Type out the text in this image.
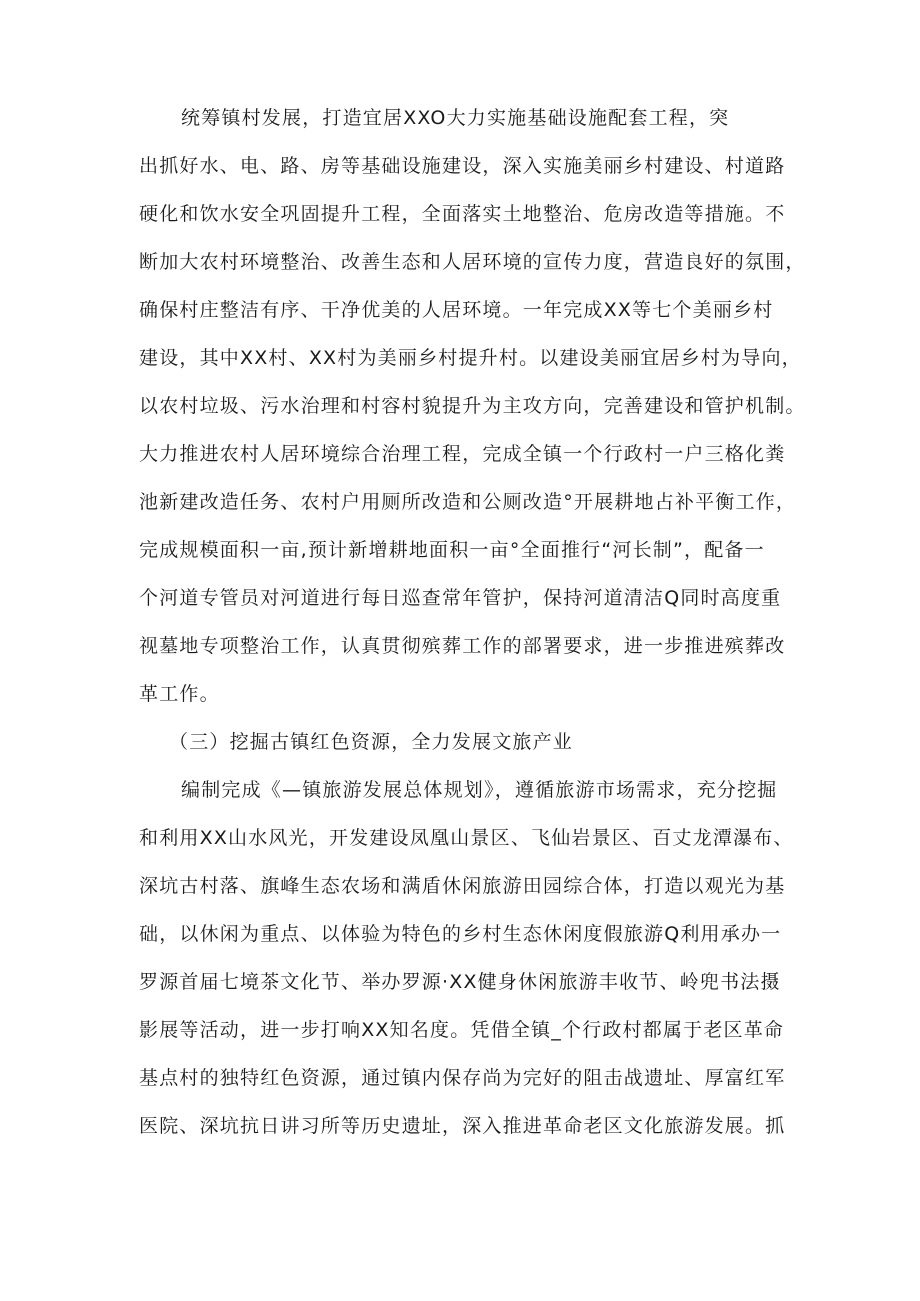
统筹镇村发展，打造宜居XXO大力实施基础设施配套工程，突
出抓好水、电、路、房等基础设施建设，深入实施美丽乡村建设、村道路
硬化和饮水安全巩固提升工程，全面落实土地整治、危房改造等措施。不
断加大农村环境整治、改善生态和人居环境的宣传力度，营造良好的氛围，
确保村庄整洁有序、干净优美的人居环境。一年完成XX等七个美丽乡村
建设，其中XX村、XX村为美丽乡村提升村。以建设美丽宜居乡村为导向，
以农村垃圾、污水治理和村容村貌提升为主攻方向，完善建设和管护机制。
大力推进农村人居环境综合治理工程，完成全镇一个行政村一户三格化粪
池新建改造任务、农村户用厕所改造和公厕改造°开展耕地占补平衡工作，
完成规模面积一亩,预计新增耕地面积一亩°全面推行“河长制”，配备一
个河道专管员对河道进行每日巡查常年管护，保持河道清洁Q同时高度重
视墓地专项整治工作，认真贯彻殡葬工作的部署要求，进一步推进殡葬改
革工作。
（三）挖掘古镇红色资源，全力发展文旅产业
编制完成《—镇旅游发展总体规划》，遵循旅游市场需求，充分挖掘
和利用XX山水风光，开发建设凤凰山景区、飞仙岩景区、百丈龙潭瀑布、
深坑古村落、旗峰生态农场和满盾休闲旅游田园综合体，打造以观光为基
础，以休闲为重点、以体验为特色的乡村生态休闲度假旅游Q利用承办一
罗源首届七境茶文化节、举办罗源·XX健身休闲旅游丰收节、岭兜书法摄
影展等活动，进一步打响XX知名度。凭借全镇_个行政村都属于老区革命
基点村的独特红色资源，通过镇内保存尚为完好的阻击战遗址、厚富红军
医院、深坑抗日讲习所等历史遗址，深入推进革命老区文化旅游发展。抓
